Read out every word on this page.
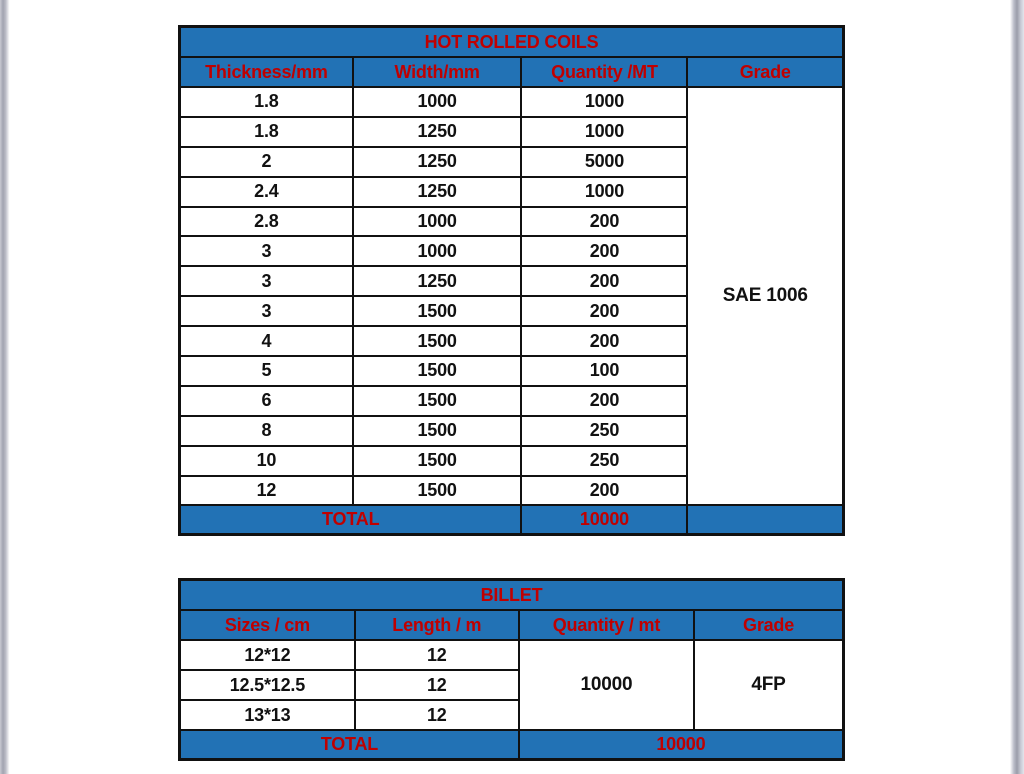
HOT ROLLED COILS			
Thickness/mm	Width/mm	Quantity /MT	Grade
1.8	1000	1000	SAE 1006
1.8	1250	1000	
2	1250	5000	
2.4	1250	1000	
2.8	1000	200	
3	1000	200	
3	1250	200	
3	1500	200	
4	1500	200	
5	1500	100	
6	1500	200	
8	1500	250	
10	1500	250	
12	1500	200	
TOTAL		10000	
BILLET			
Sizes / cm	Length / m	Quantity / mt	Grade
12*12	12	10000	4FP
12.5*12.5	12		
13*13	12		
TOTAL		10000	
